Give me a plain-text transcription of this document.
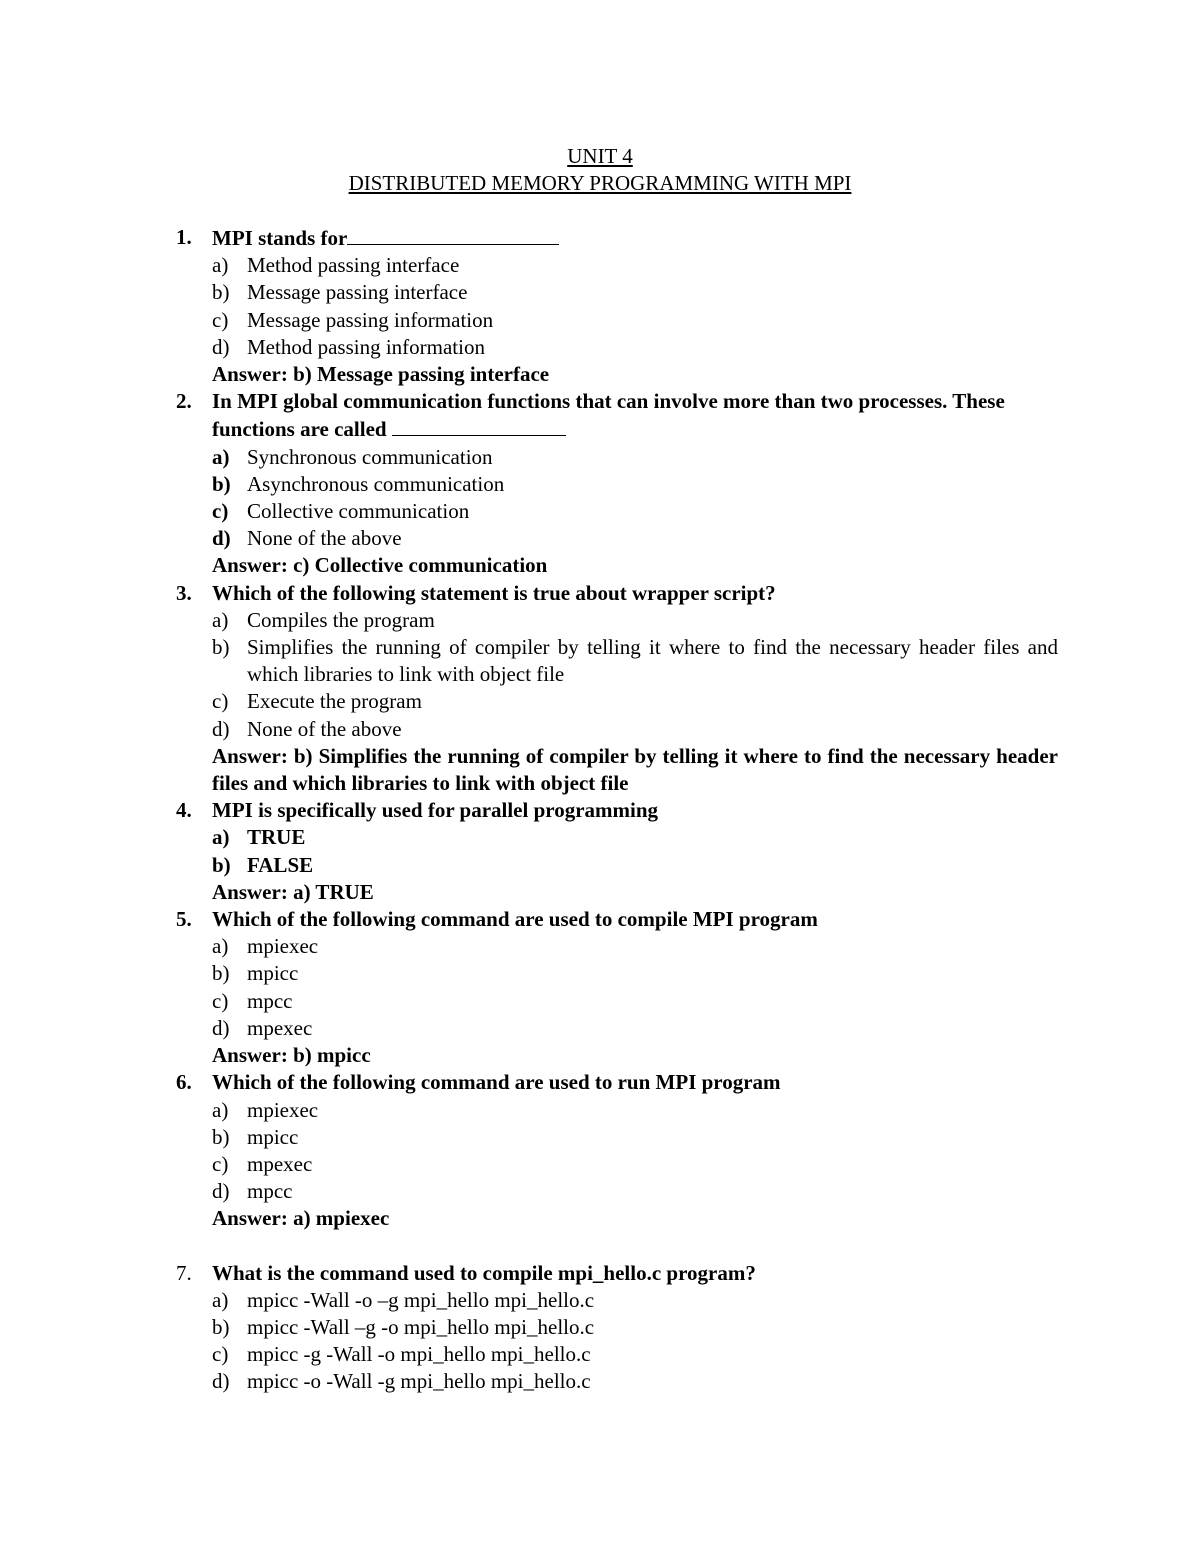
UNIT 4
DISTRIBUTED MEMORY PROGRAMMING WITH MPI
1. MPI stands for
a) Method passing interface
b) Message passing interface
c) Message passing information
d) Method passing information
Answer: b) Message passing interface
2. In MPI global communication functions that can involve more than two processes. These functions are called
a) Synchronous communication
b) Asynchronous communication
c) Collective communication
d) None of the above
Answer: c) Collective communication
3. Which of the following statement is true about wrapper script?
a) Compiles the program
b) Simplifies the running of compiler by telling it where to find the necessary header files and which libraries to link with object file
c) Execute the program
d) None of the above
Answer: b) Simplifies the running of compiler by telling it where to find the necessary header files and which libraries to link with object file
4. MPI is specifically used for parallel programming
a) TRUE
b) FALSE
Answer: a) TRUE
5. Which of the following command are used to compile MPI program
a) mpiexec
b) mpicc
c) mpcc
d) mpexec
Answer: b) mpicc
6. Which of the following command are used to run MPI program
a) mpiexec
b) mpicc
c) mpexec
d) mpcc
Answer: a) mpiexec
7. What is the command used to compile mpi_hello.c program?
a) mpicc -Wall -o –g mpi_hello mpi_hello.c
b) mpicc -Wall –g -o mpi_hello mpi_hello.c
c) mpicc -g -Wall -o mpi_hello mpi_hello.c
d) mpicc -o -Wall -g mpi_hello mpi_hello.c
